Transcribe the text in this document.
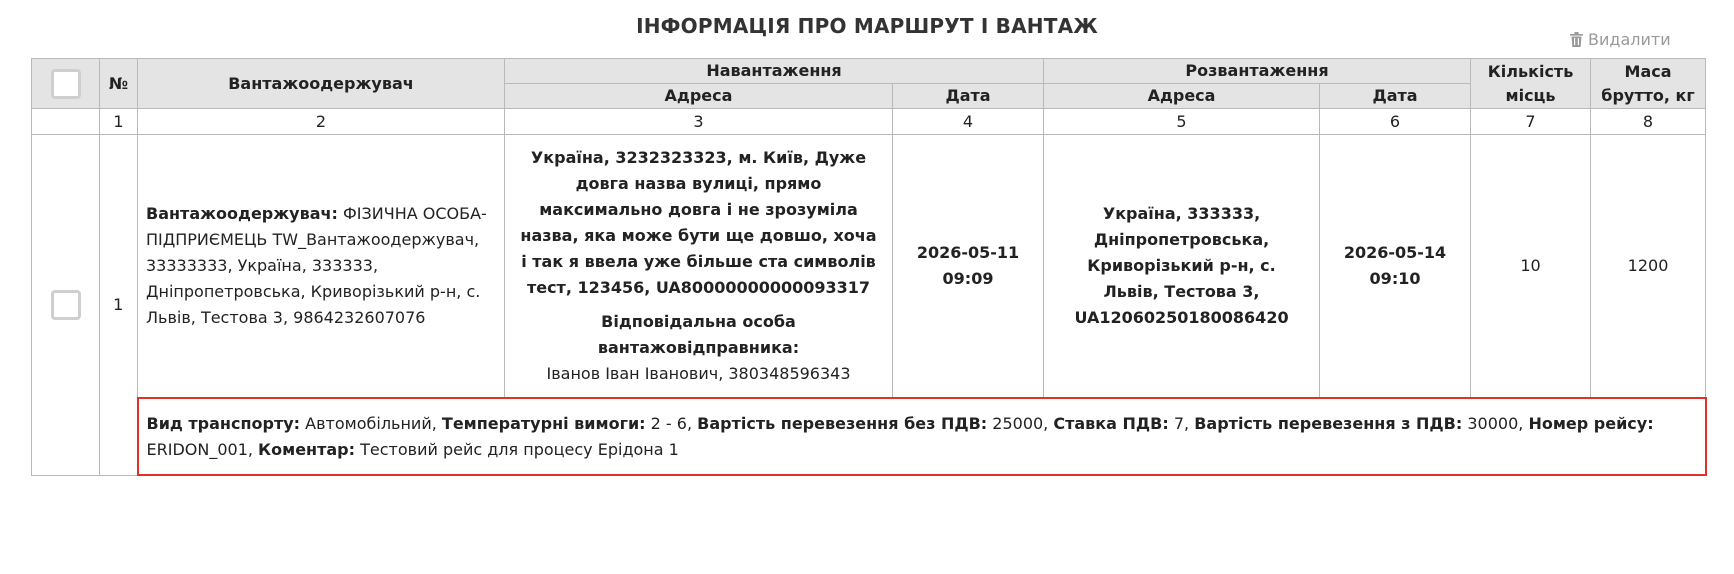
ІНФОРМАЦІЯ ПРО МАРШРУТ І ВАНТАЖ
Видалити
	№	Вантажоодержувач	Навантаження		Розвантаження		Кількість місць	Маса брутто, кг
			Адреса	Дата	Адреса	Дата		
	1	2	3	4	5	6	7	8
	1	Вантажоодержувач: ФІЗИЧНА ОСОБА-ПІДПРИЄМЕЦЬ TW_Вантажоодержувач, 33333333, Україна, 333333, Дніпропетровська, Криворізький р-н, с. Львів, Тестова 3, 9864232607076	Україна, 3232323323, м. Київ, Дуже довга назва вулиці, прямо максимально довга і не зрозуміла назва, яка може бути ще довшо, хоча і так я ввела уже більше ста символів тест, 123456, UA80000000000093317
Відповідальна особа вантажовідправника:
Іванов Іван Іванович, 380348596343	2026-05-11 09:09	Україна, 333333, Дніпропетровська, Криворізький р-н, с. Львів, Тестова 3, UA12060250180086420	2026-05-14 09:10	10	1200
		Вид транспорту: Автомобільний, Температурні вимоги: 2 - 6, Вартість перевезення без ПДВ: 25000, Ставка ПДВ: 7, Вартість перевезення з ПДВ: 30000, Номер рейсу: ERIDON_001, Коментар: Тестовий рейс для процесу Ерідона 1						
